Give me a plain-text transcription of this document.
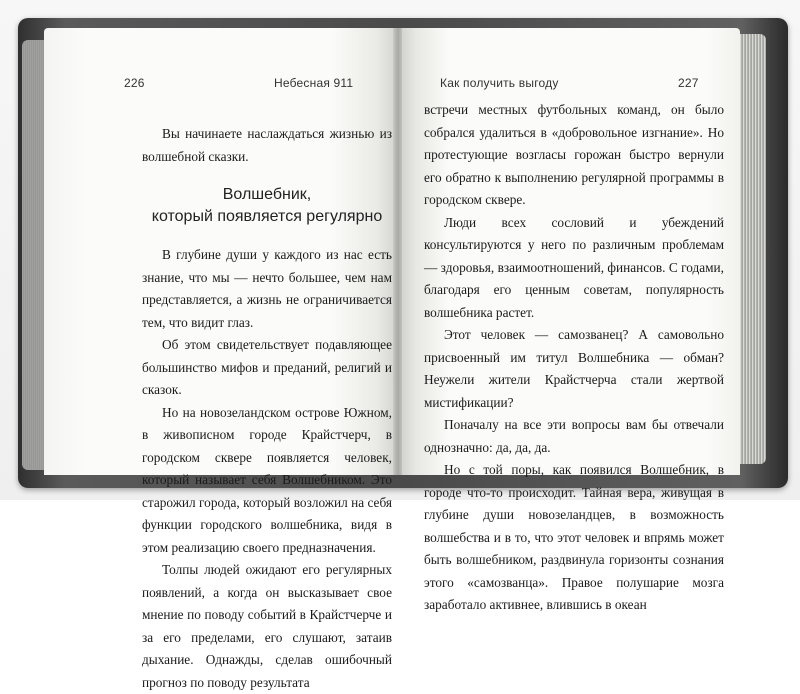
226	Небесная 911

Вы начинаете наслаждаться жизнью из волшебной сказки.

Волшебник,
который появляется регулярно

В глубине души у каждого из нас есть знание, что мы — нечто большее, чем нам представляется, а жизнь не ограничивается тем, что видит глаз.

Об этом свидетельствует подавляющее большинство мифов и преданий, религий и сказок.

Но на новозеландском острове Южном, в живописном городе Крайстчерч, в городском сквере появляется человек, который называет себя Волшебником. Это старожил города, который возложил на себя функции городского волшебника, видя в этом реализацию своего предназначения.

Толпы людей ожидают его регулярных появлений, а когда он высказывает свое мнение по поводу событий в Крайстчерче и за его пределами, его слушают, затаив дыхание. Однажды, сделав ошибочный прогноз по поводу результата

Как получить выгоду	227

встречи местных футбольных команд, он было собрался удалиться в «добровольное изгнание». Но протестующие возгласы горожан быстро вернули его обратно к выполнению регулярной программы в городском сквере.

Люди всех сословий и убеждений консультируются у него по различным проблемам — здоровья, взаимоотношений, финансов. С годами, благодаря его ценным советам, популярность волшебника растет.

Этот человек — самозванец? А самовольно присвоенный им титул Волшебника — обман? Неужели жители Крайстчерча стали жертвой мистификации?

Поначалу на все эти вопросы вам бы отвечали однозначно: да, да, да.

Но с той поры, как появился Волшебник, в городе что-то происходит. Тайная вера, живущая в глубине души новозеландцев, в возможность волшебства и в то, что этот человек и впрямь может быть волшебником, раздвинула горизонты сознания этого «самозванца». Правое полушарие мозга заработало активнее, влившись в океан
